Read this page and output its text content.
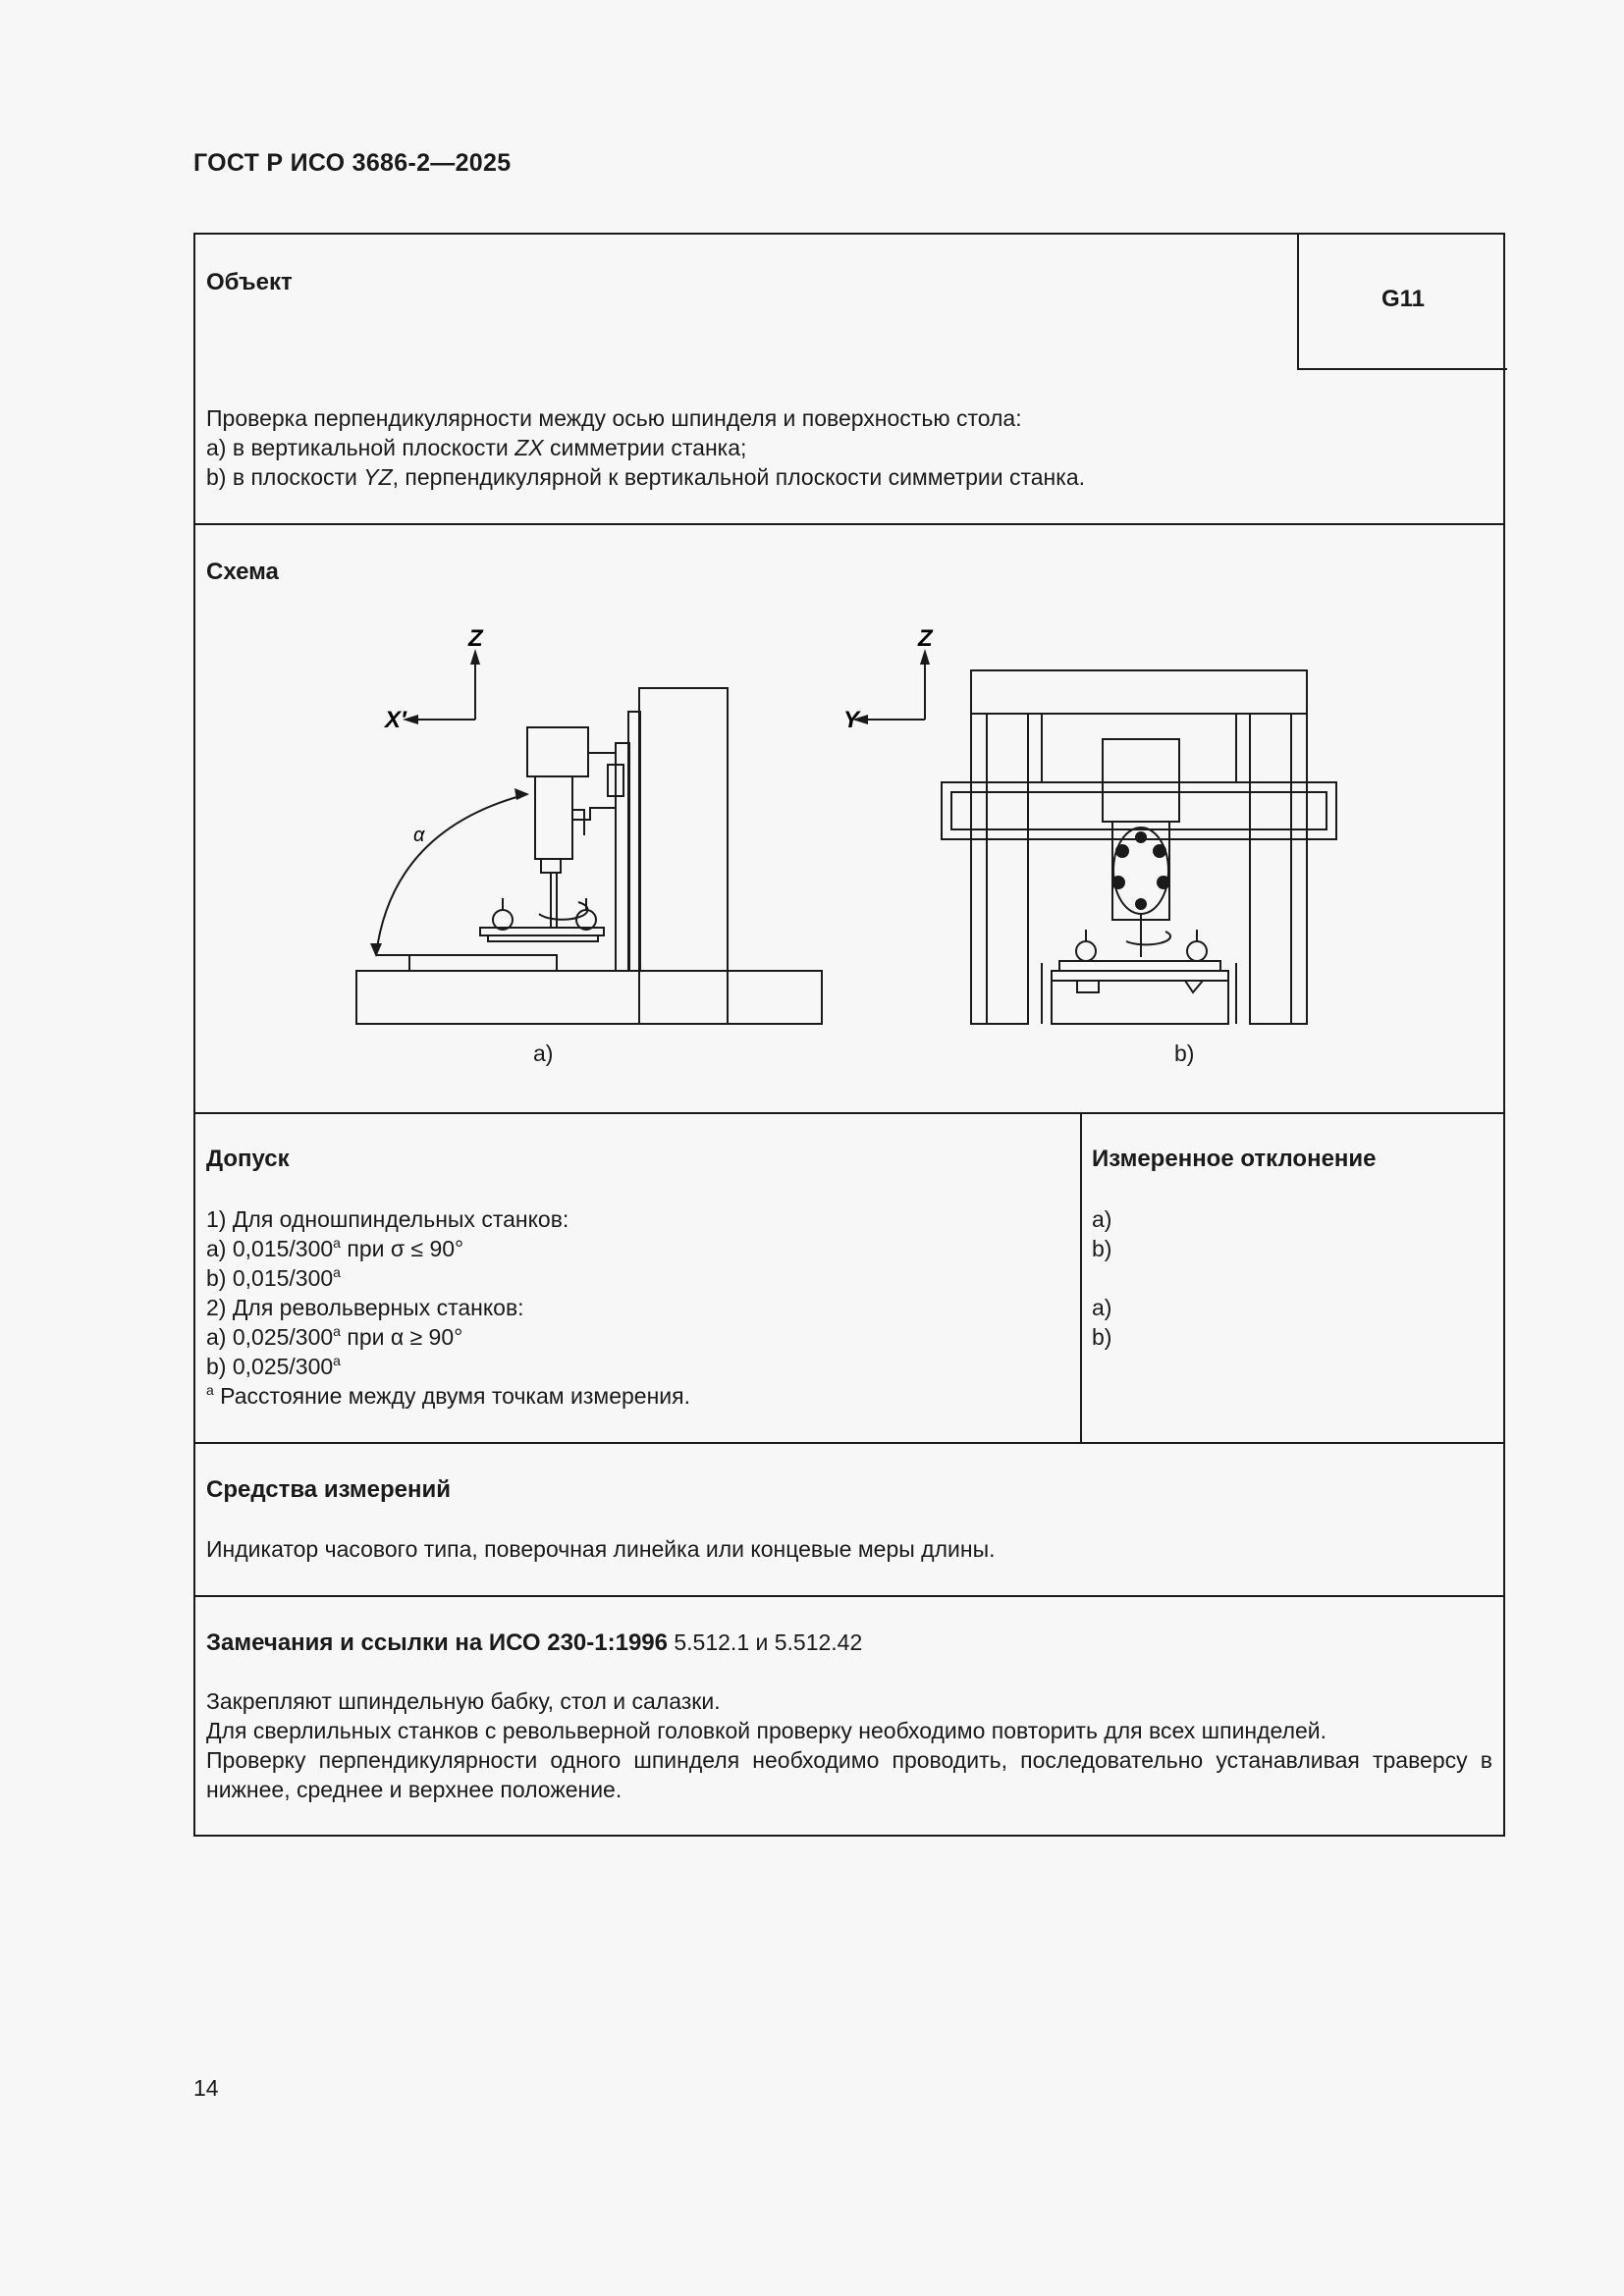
ГОСТ Р ИСО 3686-2—2025
Объект
G11
Проверка перпендикулярности между осью шпинделя и поверхностью стола:
a) в вертикальной плоскости ZX симметрии станка;
b) в плоскости YZ, перпендикулярной к вертикальной плоскости симметрии станка.
Схема
Z
X′
α
Z
Y
a)	b)
Допуск
1) Для одношпиндельных станков:
a) 0,015/300$^a$ при σ ≤ 90°
b) 0,015/300$^a$
2) Для револьверных станков:
a) 0,025/300$^a$ при α ≥ 90°
b) 0,025/300$^a$
$^a$ Расстояние между двумя точкам измерения.
Измеренное отклонение
a)
b)
a)
b)
Средства измерений
Индикатор часового типа, поверочная линейка или концевые меры длины.
Замечания и ссылки на ИСО 230-1:1996 5.512.1 и 5.512.42
Закрепляют шпиндельную бабку, стол и салазки.
Для сверлильных станков с револьверной головкой проверку необходимо повторить для всех шпинделей.
Проверку перпендикулярности одного шпинделя необходимо проводить, последовательно устанавливая траверсу в нижнее, среднее и верхнее положение.
14
